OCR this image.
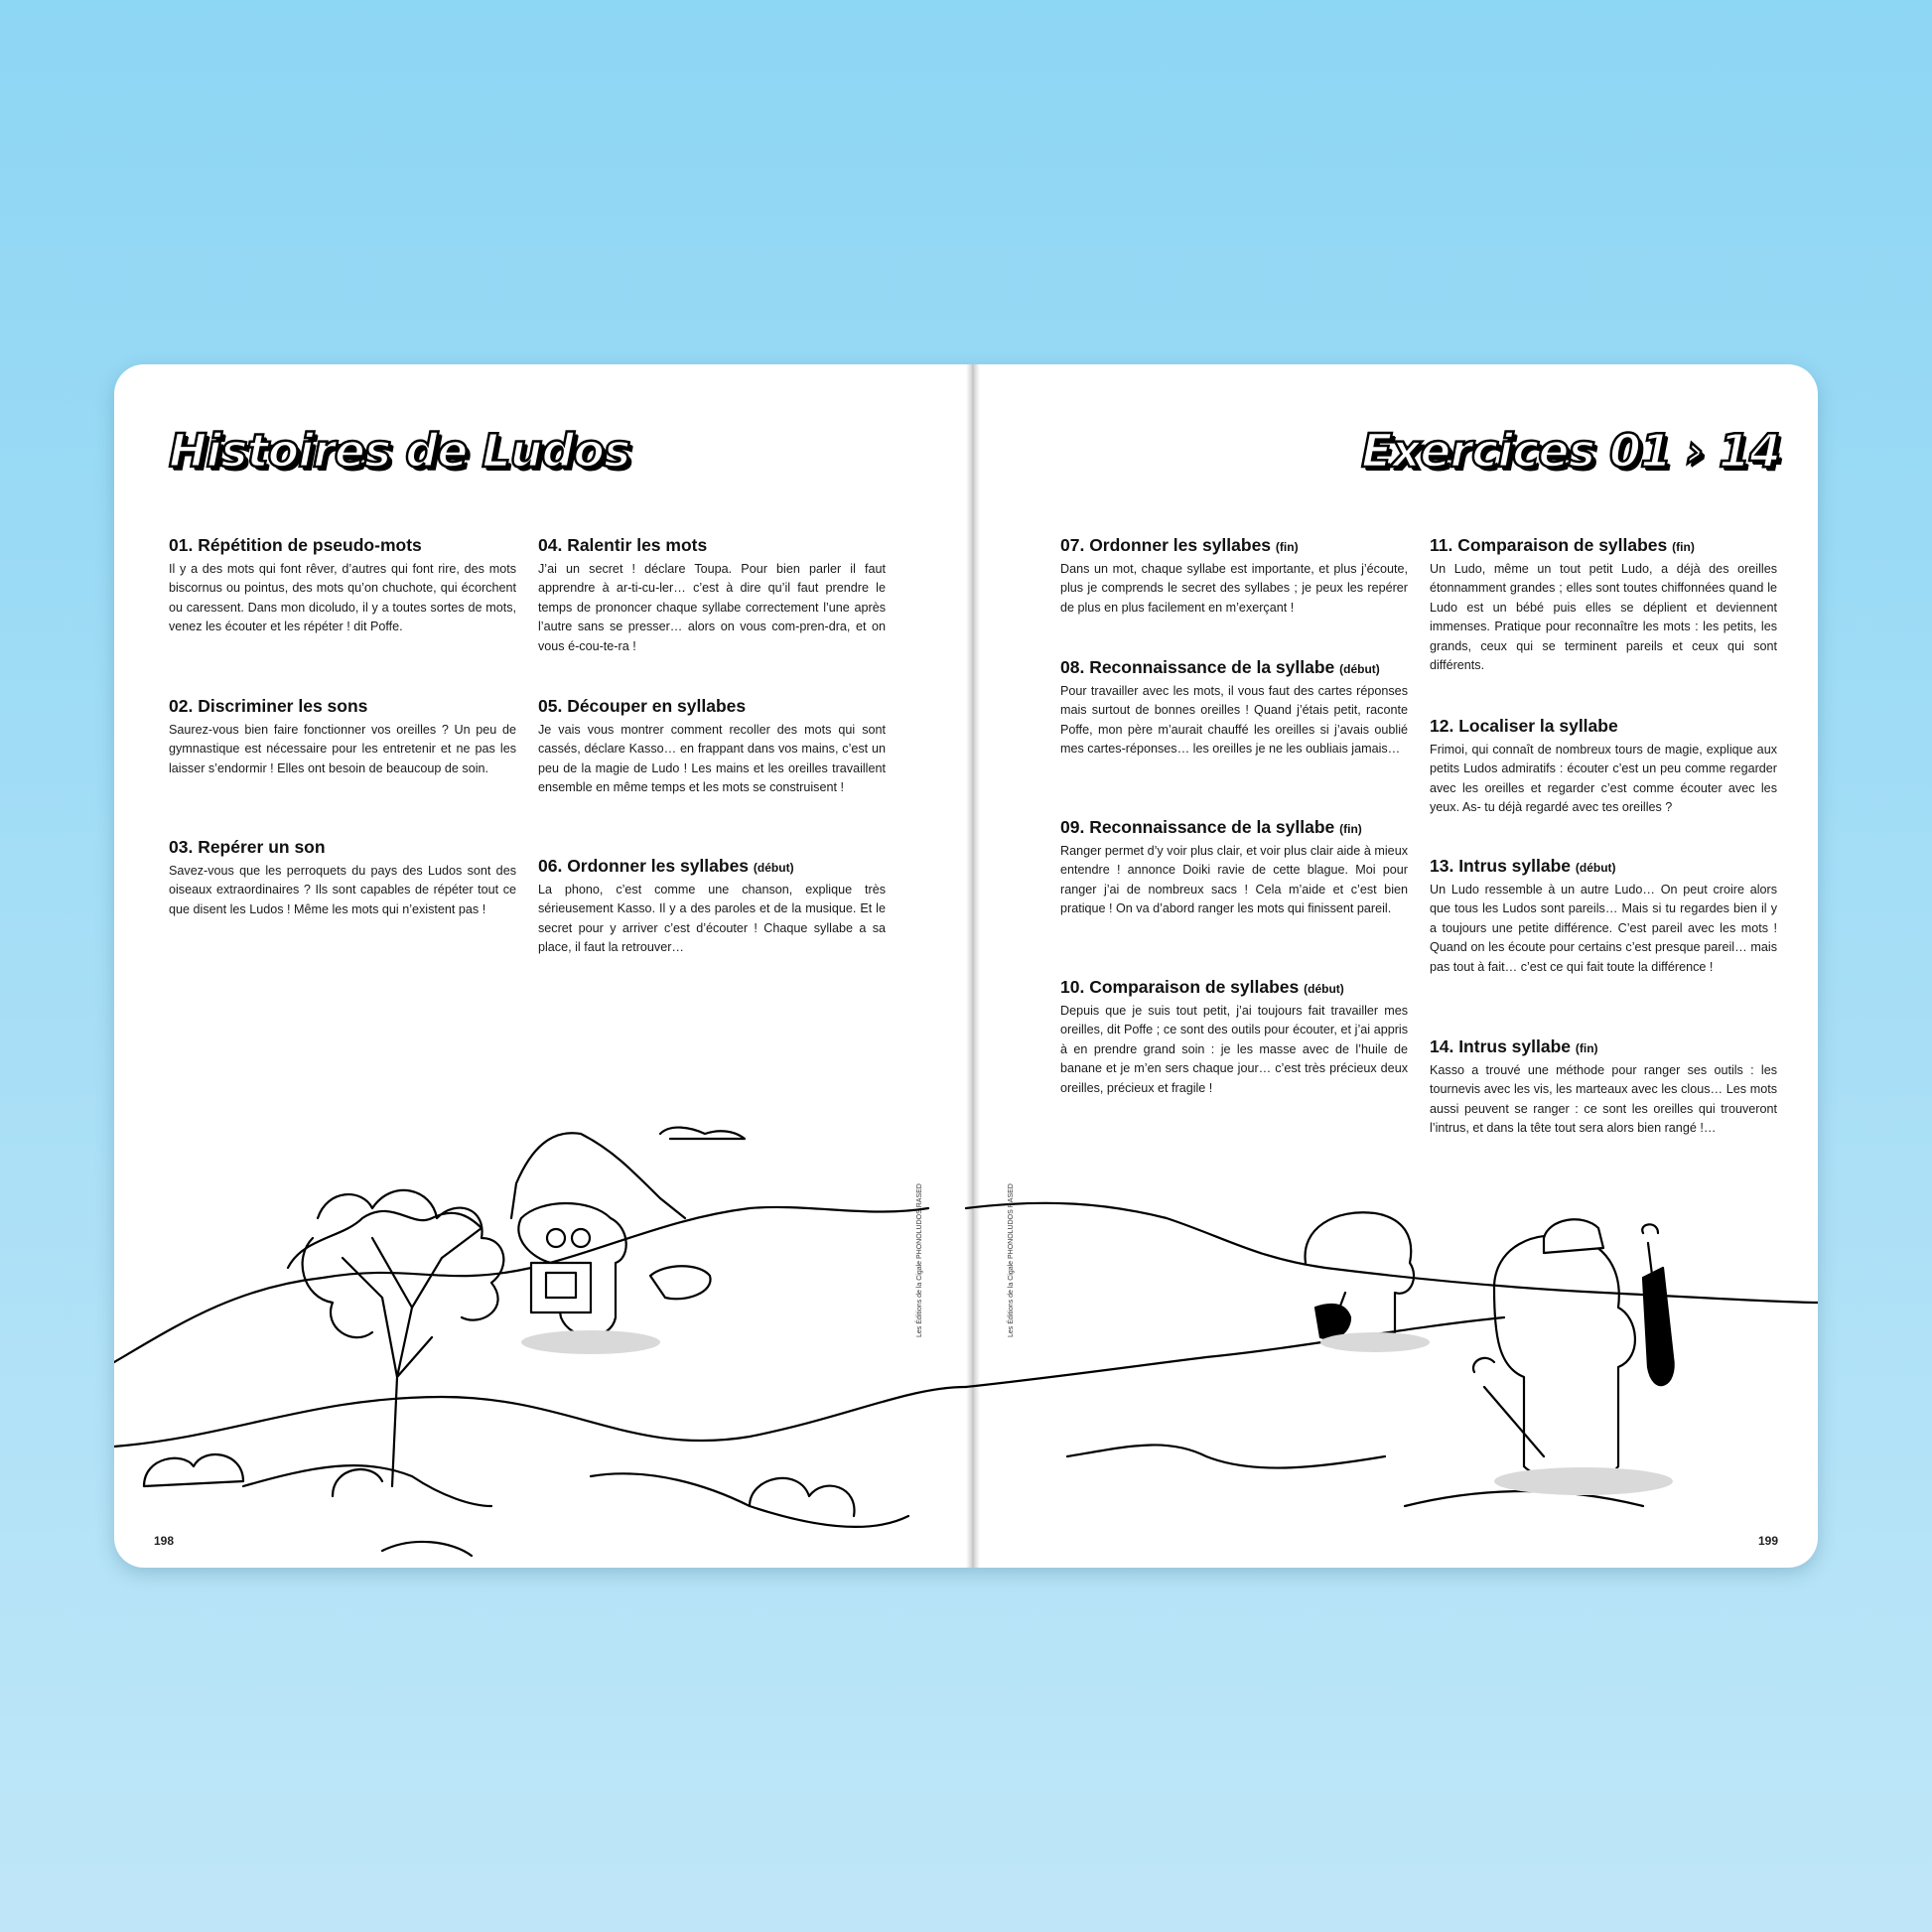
Histoires de Ludos	Exercices 01 › 14
01. Répétition de pseudo-mots

Il y a des mots qui font rêver, d’autres qui font rire, des mots biscornus ou pointus, des mots qu’on chuchote, qui écorchent ou caressent. Dans mon dicoludo, il y a toutes sortes de mots, venez les écouter et les répéter ! dit Poffe.

02. Discriminer les sons

Saurez-vous bien faire fonctionner vos oreilles ? Un peu de gymnastique est nécessaire pour les entretenir et ne pas les laisser s’endormir ! Elles ont besoin de beaucoup de soin.

03. Repérer un son

Savez-vous que les perroquets du pays des Ludos sont des oiseaux extraordinaires ? Ils sont capables de répéter tout ce que disent les Ludos ! Même les mots qui n’existent pas !

04. Ralentir les mots

J’ai un secret ! déclare Toupa. Pour bien parler il faut apprendre à ar-ti-cu-ler… c’est à dire qu’il faut prendre le temps de prononcer chaque syllabe correctement l’une après l’autre sans se presser… alors on vous com-pren-dra, et on vous é-cou-te-ra !

05. Découper en syllabes

Je vais vous montrer comment recoller des mots qui sont cassés, déclare Kasso… en frappant dans vos mains, c’est un peu de la magie de Ludo ! Les mains et les oreilles travaillent ensemble en même temps et les mots se construisent !

06. Ordonner les syllabes (début)

La phono, c’est comme une chanson, explique très sérieusement Kasso. Il y a des paroles et de la musique. Et le secret pour y arriver c’est d’écouter ! Chaque syllabe a sa place, il faut la retrouver…

07. Ordonner les syllabes (fin)

Dans un mot, chaque syllabe est importante, et plus j’écoute, plus je comprends le secret des syllabes ; je peux les repérer de plus en plus facilement en m’exerçant !

08. Reconnaissance de la syllabe (début)

Pour travailler avec les mots, il vous faut des cartes réponses mais surtout de bonnes oreilles ! Quand j’étais petit, raconte Poffe, mon père m’aurait chauffé les oreilles si j’avais oublié mes cartes-réponses… les oreilles je ne les oubliais jamais…

09. Reconnaissance de la syllabe (fin)

Ranger permet d’y voir plus clair, et voir plus clair aide à mieux entendre ! annonce Doiki ravie de cette blague. Moi pour ranger j’ai de nombreux sacs ! Cela m’aide et c’est bien pratique ! On va d’abord ranger les mots qui finissent pareil.

10. Comparaison de syllabes (début)

Depuis que je suis tout petit, j’ai toujours fait travailler mes oreilles, dit Poffe ; ce sont des outils pour écouter, et j’ai appris à en prendre grand soin : je les masse avec de l’huile de banane et je m’en sers chaque jour… c’est très précieux deux oreilles, précieux et fragile !

11. Comparaison de syllabes (fin)

Un Ludo, même un tout petit Ludo, a déjà des oreilles étonnamment grandes ; elles sont toutes chiffonnées quand le Ludo est un bébé puis elles se déplient et deviennent immenses. Pratique pour reconnaître les mots : les petits, les grands, ceux qui se terminent pareils et ceux qui sont différents.

12. Localiser la syllabe

Frimoi, qui connaît de nombreux tours de magie, explique aux petits Ludos admiratifs : écouter c’est un peu comme regarder avec les oreilles et regarder c’est comme écouter avec les yeux. As- tu déjà regardé avec tes oreilles ?

13. Intrus syllabe (début)

Un Ludo ressemble à un autre Ludo… On peut croire alors que tous les Ludos sont pareils… Mais si tu regardes bien il y a toujours une petite différence. C’est pareil avec les mots ! Quand on les écoute pour certains c’est presque pareil… mais pas tout à fait… c’est ce qui fait toute la différence !

14. Intrus syllabe (fin)

Kasso a trouvé une méthode pour ranger ses outils : les tournevis avec les vis, les marteaux avec les clous… Les mots aussi peuvent se ranger : ce sont les oreilles qui trouveront l’intrus, et dans la tête tout sera alors bien rangé !…

Les Éditions de la Cigale PHONOLUDOS RASED	Les Éditions de la Cigale PHONOLUDOS RASED
198	199
